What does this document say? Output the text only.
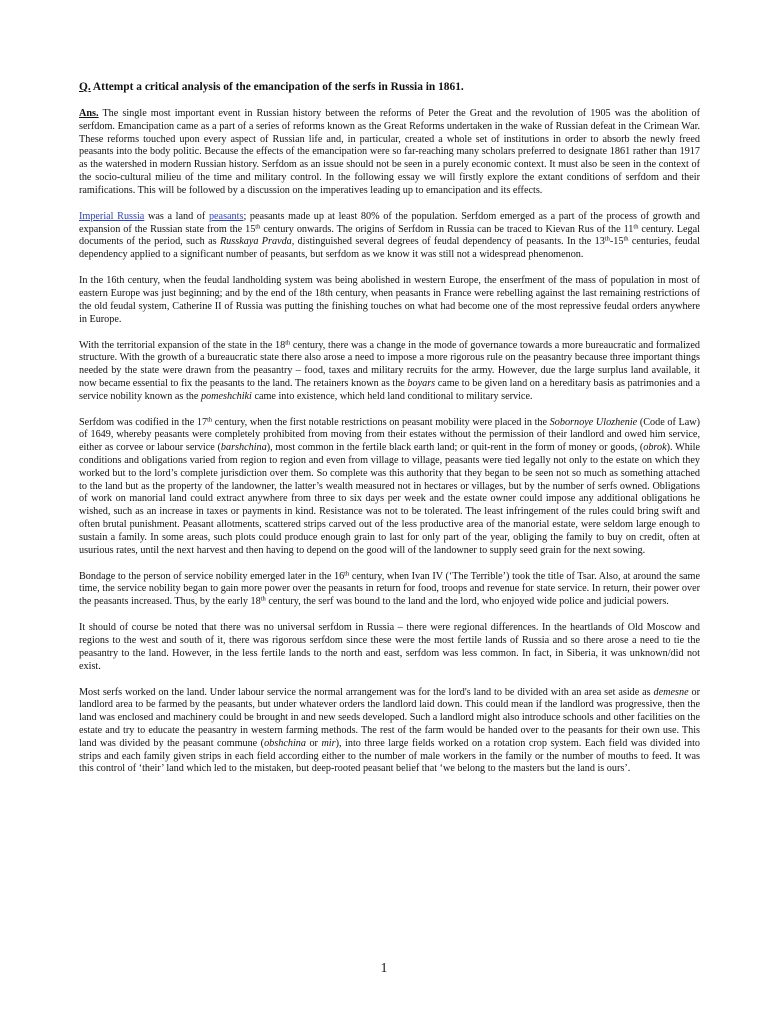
Q. Attempt a critical analysis of the emancipation of the serfs in Russia in 1861.

Ans. The single most important event in Russian history between the reforms of Peter the Great and the revolution of 1905 was the abolition of serfdom. Emancipation came as a part of a series of reforms known as the Great Reforms undertaken in the wake of Russian defeat in the Crimean War. These reforms touched upon every aspect of Russian life and, in particular, created a whole set of institutions in order to absorb the newly freed peasants into the body politic. Because the effects of the emancipation were so far-reaching many scholars preferred to designate 1861 rather than 1917 as the watershed in modern Russian history. Serfdom as an issue should not be seen in a purely economic context. It must also be seen in the context of the socio-cultural milieu of the time and military control. In the following essay we will firstly explore the extant conditions of serfdom and their ramifications. This will be followed by a discussion on the imperatives leading up to emancipation and its effects.

Imperial Russia was a land of peasants; peasants made up at least 80% of the population. Serfdom emerged as a part of the process of growth and expansion of the Russian state from the 15th century onwards. The origins of Serfdom in Russia can be traced to Kievan Rus of the 11th century. Legal documents of the period, such as Russkaya Pravda, distinguished several degrees of feudal dependency of peasants. In the 13th-15th centuries, feudal dependency applied to a significant number of peasants, but serfdom as we know it was still not a widespread phenomenon.

In the 16th century, when the feudal landholding system was being abolished in western Europe, the enserfment of the mass of population in most of eastern Europe was just beginning; and by the end of the 18th century, when peasants in France were rebelling against the last remaining restrictions of the old feudal system, Catherine II of Russia was putting the finishing touches on what had become one of the most repressive feudal orders anywhere in Europe.

With the territorial expansion of the state in the 18th century, there was a change in the mode of governance towards a more bureaucratic and formalized structure. With the growth of a bureaucratic state there also arose a need to impose a more rigorous rule on the peasantry because three important things needed by the state were drawn from the peasantry – food, taxes and military recruits for the army. However, due the large surplus land available, it now became essential to fix the peasants to the land. The retainers known as the boyars came to be given land on a hereditary basis as patrimonies and a service nobility known as the pomeshchiki came into existence, which held land conditional to military service.

Serfdom was codified in the 17th century, when the first notable restrictions on peasant mobility were placed in the Sobornoye Ulozhenie (Code of Law) of 1649, whereby peasants were completely prohibited from moving from their estates without the permission of their landlord and owed him service, either as corvee or labour service (barshchina), most common in the fertile black earth land; or quit-rent in the form of money or goods, (obrok). While conditions and obligations varied from region to region and even from village to village, peasants were tied legally not only to the estate on which they worked but to the lord’s complete jurisdiction over them. So complete was this authority that they began to be seen not so much as something attached to the land but as the property of the landowner, the latter’s wealth measured not in hectares or villages, but by the number of serfs owned. Obligations of work on manorial land could extract anywhere from three to six days per week and the estate owner could impose any additional obligations he wished, such as an increase in taxes or payments in kind. Resistance was not to be tolerated. The least infringement of the rules could bring swift and often brutal punishment. Peasant allotments, scattered strips carved out of the less productive area of the manorial estate, were seldom large enough to sustain a family. In some areas, such plots could produce enough grain to last for only part of the year, obliging the family to buy on credit, often at usurious rates, until the next harvest and then having to depend on the good will of the landowner to supply seed grain for the next sowing.

Bondage to the person of service nobility emerged later in the 16th century, when Ivan IV (‘The Terrible’) took the title of Tsar. Also, at around the same time, the service nobility began to gain more power over the peasants in return for food, troops and revenue for state service. In return, their power over the peasants increased. Thus, by the early 18th century, the serf was bound to the land and the lord, who enjoyed wide police and judicial powers.

It should of course be noted that there was no universal serfdom in Russia – there were regional differences. In the heartlands of Old Moscow and regions to the west and south of it, there was rigorous serfdom since these were the most fertile lands of Russia and so there arose a need to tie the peasantry to the land. However, in the less fertile lands to the north and east, serfdom was less common. In fact, in Siberia, it was unknown/did not exist.

Most serfs worked on the land. Under labour service the normal arrangement was for the lord's land to be divided with an area set aside as demesne or landlord area to be farmed by the peasants, but under whatever orders the landlord laid down. This could mean if the landlord was progressive, then the land was enclosed and machinery could be brought in and new seeds developed. Such a landlord might also introduce schools and other facilities on the estate and try to educate the peasantry in western farming methods. The rest of the farm would be handed over to the peasants for their own use. This land was divided by the peasant commune (obshchina or mir), into three large fields worked on a rotation crop system. Each field was divided into strips and each family given strips in each field according either to the number of male workers in the family or the number of mouths to feed. It was this control of ‘their’ land which led to the mistaken, but deep-rooted peasant belief that ‘we belong to the masters but the land is ours’.

1
